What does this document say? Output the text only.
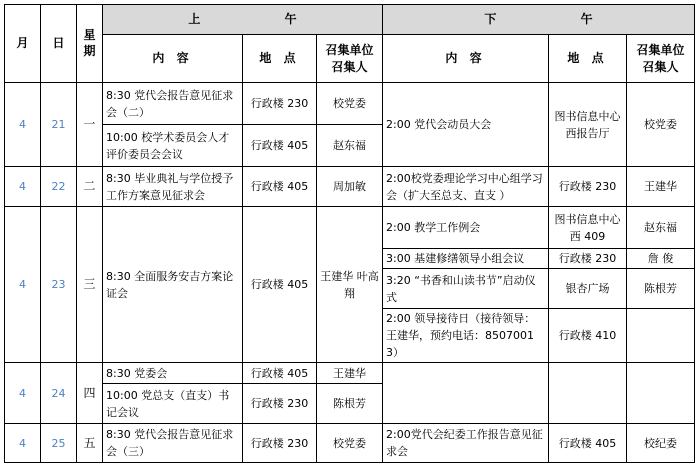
月	日	星期	上 午			下 午		
			内 容	地 点	召集单位 召集人	内 容	地 点	召集单位 召集人
4	21	一	8:30 党代会报告意见征求会（二）	行政楼 230	校党委	2:00 党代会动员大会	图书信息中心西报告厅	校党委
			10:00 校学术委员会人才评价委员会会议	行政楼 405	赵东福			
4	22	二	8:30 毕业典礼与学位授予工作方案意见征求会	行政楼 405	周加敏	2:00校党委理论学习中心组学习会（扩大至总支、直支 ）	行政楼 230	王建华
4	23	三	8:30 全面服务安吉方案论证会	行政楼 405	王建华 叶高翔	2:00 教学工作例会	图书信息中心西 409	赵东福
						3:00 基建修缮领导小组会议	行政楼 230	詹 俊
						3:20 “书香和山读书节”启动仪式	银杏广场	陈根芳
						2:00 领导接待日（接待领导：王建华，预约电话：85070013）	行政楼 410	
4	24	四	8:30 党委会	行政楼 405	王建华			
			10:00 党总支（直支）书记会议	行政楼 230	陈根芳			
4	25	五	8:30 党代会报告意见征求会（三）	行政楼 230	校党委	2:00党代会纪委工作报告意见征求会	行政楼 405	校纪委
